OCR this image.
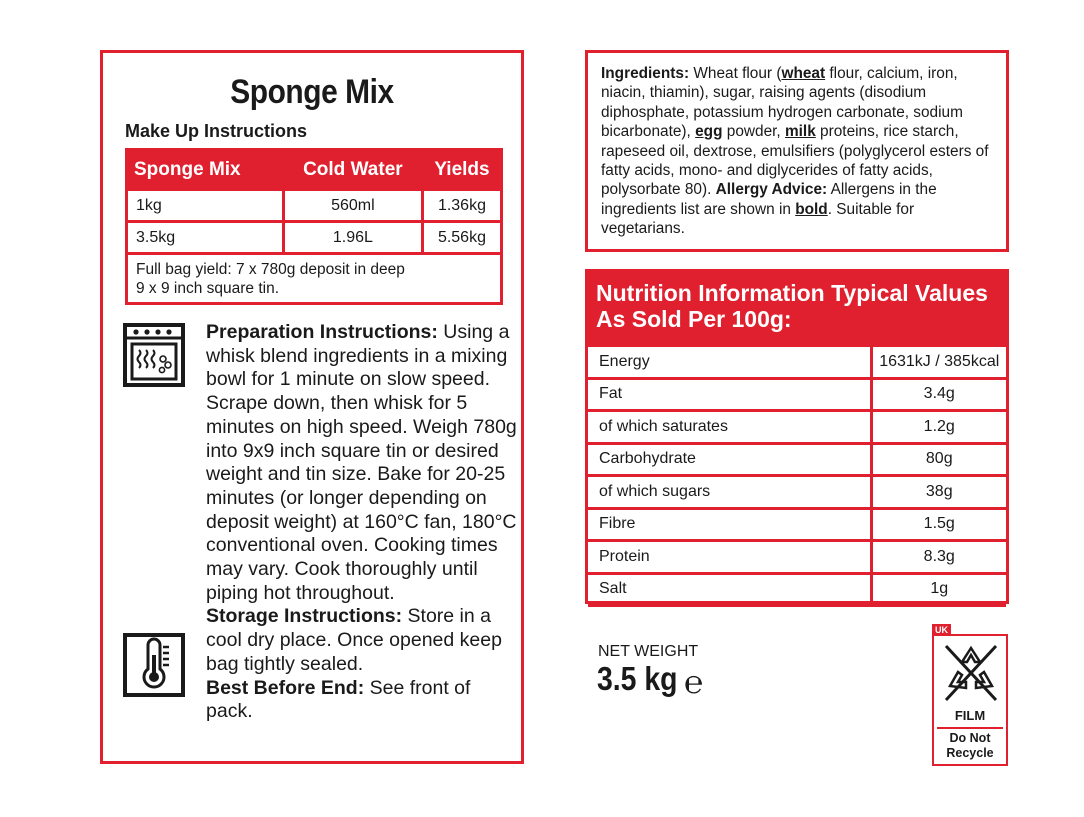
Sponge Mix
Make Up Instructions
Sponge Mix	Cold Water	Yields
1kg	560ml	1.36kg
3.5kg	1.96L	5.56kg
Full bag yield: 7 x 780g deposit in deep
9 x 9 inch square tin.		
Preparation Instructions: Using a whisk blend ingredients in a mixing bowl for 1 minute on slow speed. Scrape down, then whisk for 5 minutes on high speed. Weigh 780g into 9x9 inch square tin or desired weight and tin size. Bake for 20-25 minutes (or longer depending on deposit weight) at 160°C fan, 180°C conventional oven. Cooking times may vary. Cook thoroughly until piping hot throughout.
Storage Instructions: Store in a cool dry place. Once opened keep bag tightly sealed.
Best Before End: See front of pack.
Ingredients: Wheat flour (wheat flour, calcium, iron, niacin, thiamin), sugar, raising agents (disodium diphosphate, potassium hydrogen carbonate, sodium bicarbonate), egg powder, milk proteins, rice starch, rapeseed oil, dextrose, emulsifiers (polyglycerol esters of fatty acids, mono- and diglycerides of fatty acids, polysorbate 80). Allergy Advice: Allergens in the ingredients list are shown in bold. Suitable for vegetarians.
Nutrition Information Typical Values As Sold Per 100g:
Energy	1631kJ / 385kcal
Fat	3.4g
of which saturates	1.2g
Carbohydrate	80g
of which sugars	38g
Fibre	1.5g
Protein	8.3g
Salt	1g
NET WEIGHT
3.5 kg ℮
UK
FILM
Do Not
Recycle
